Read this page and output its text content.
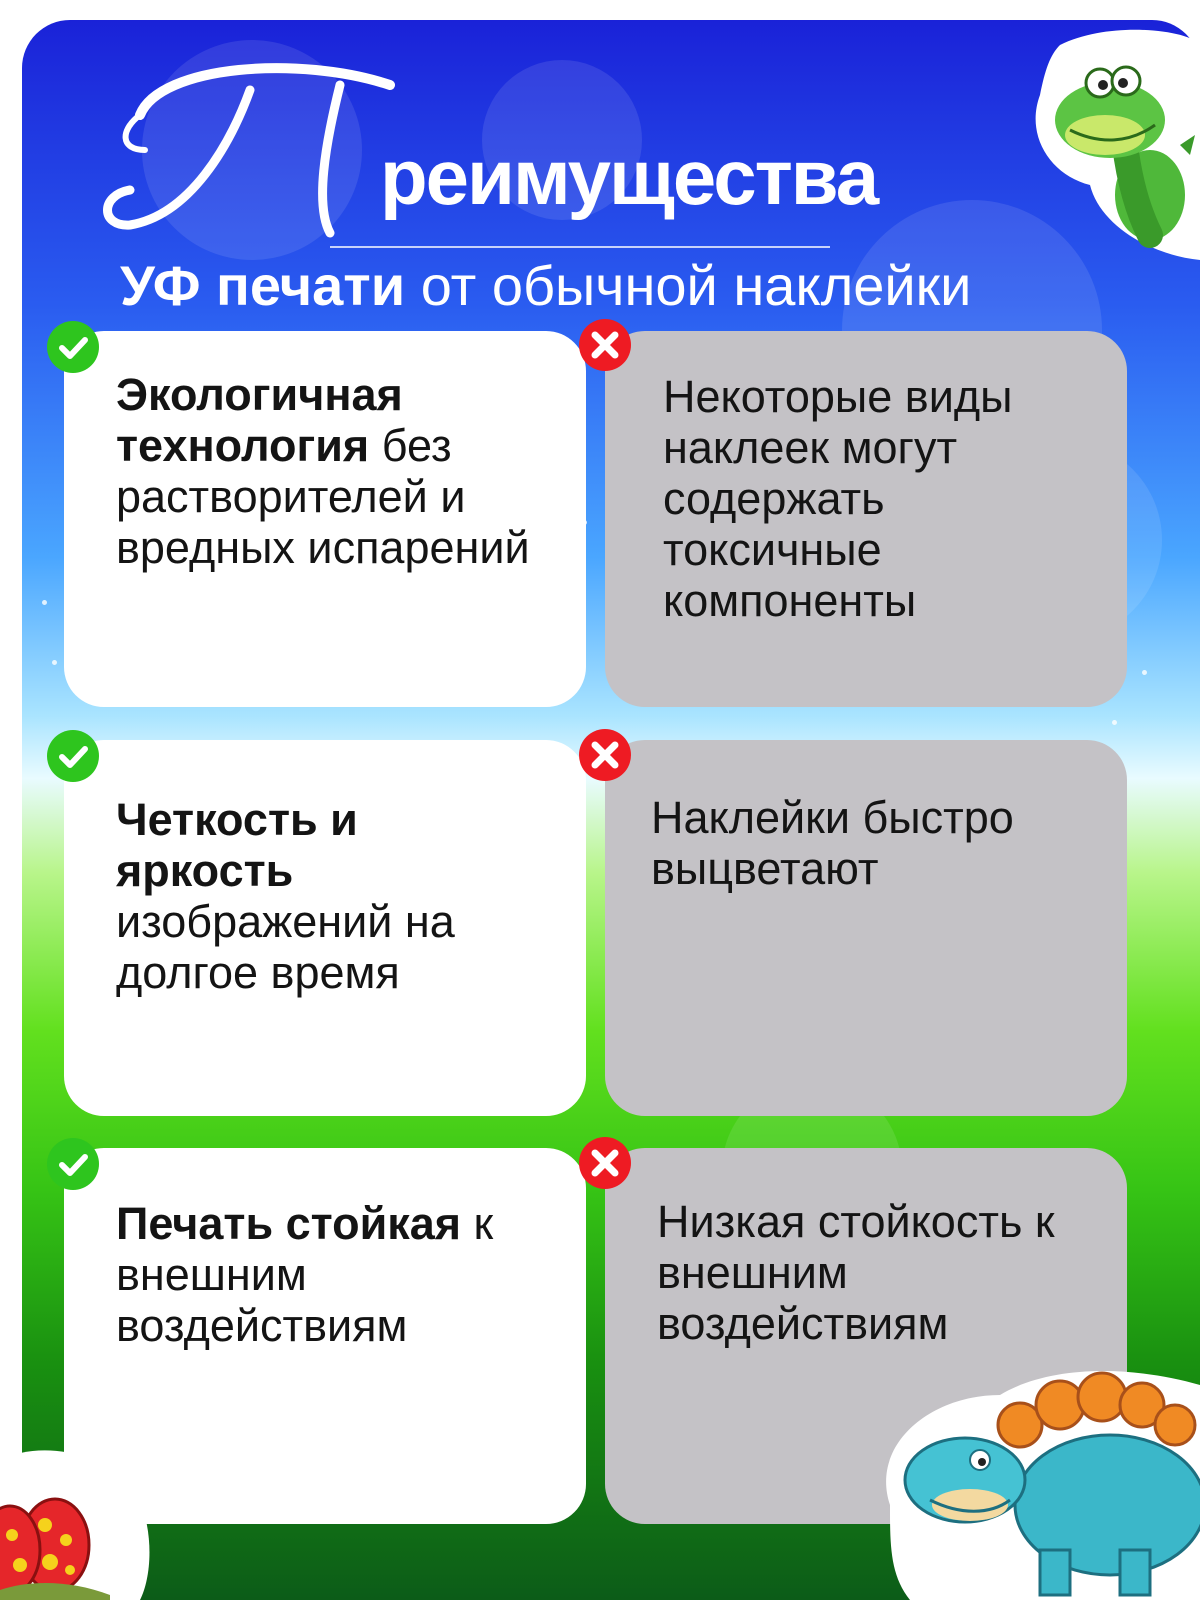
реимущества
УФ печати от обычной наклейки
Экологичная технология без растворителей и вредных испарений
Некоторые виды наклеек могут содержать токсичные компоненты
Четкость и яркость изображений на долгое время
Наклейки быстро выцветают
Печать стойкая к внешним воздействиям
Низкая стойкость к внешним воздействиям
